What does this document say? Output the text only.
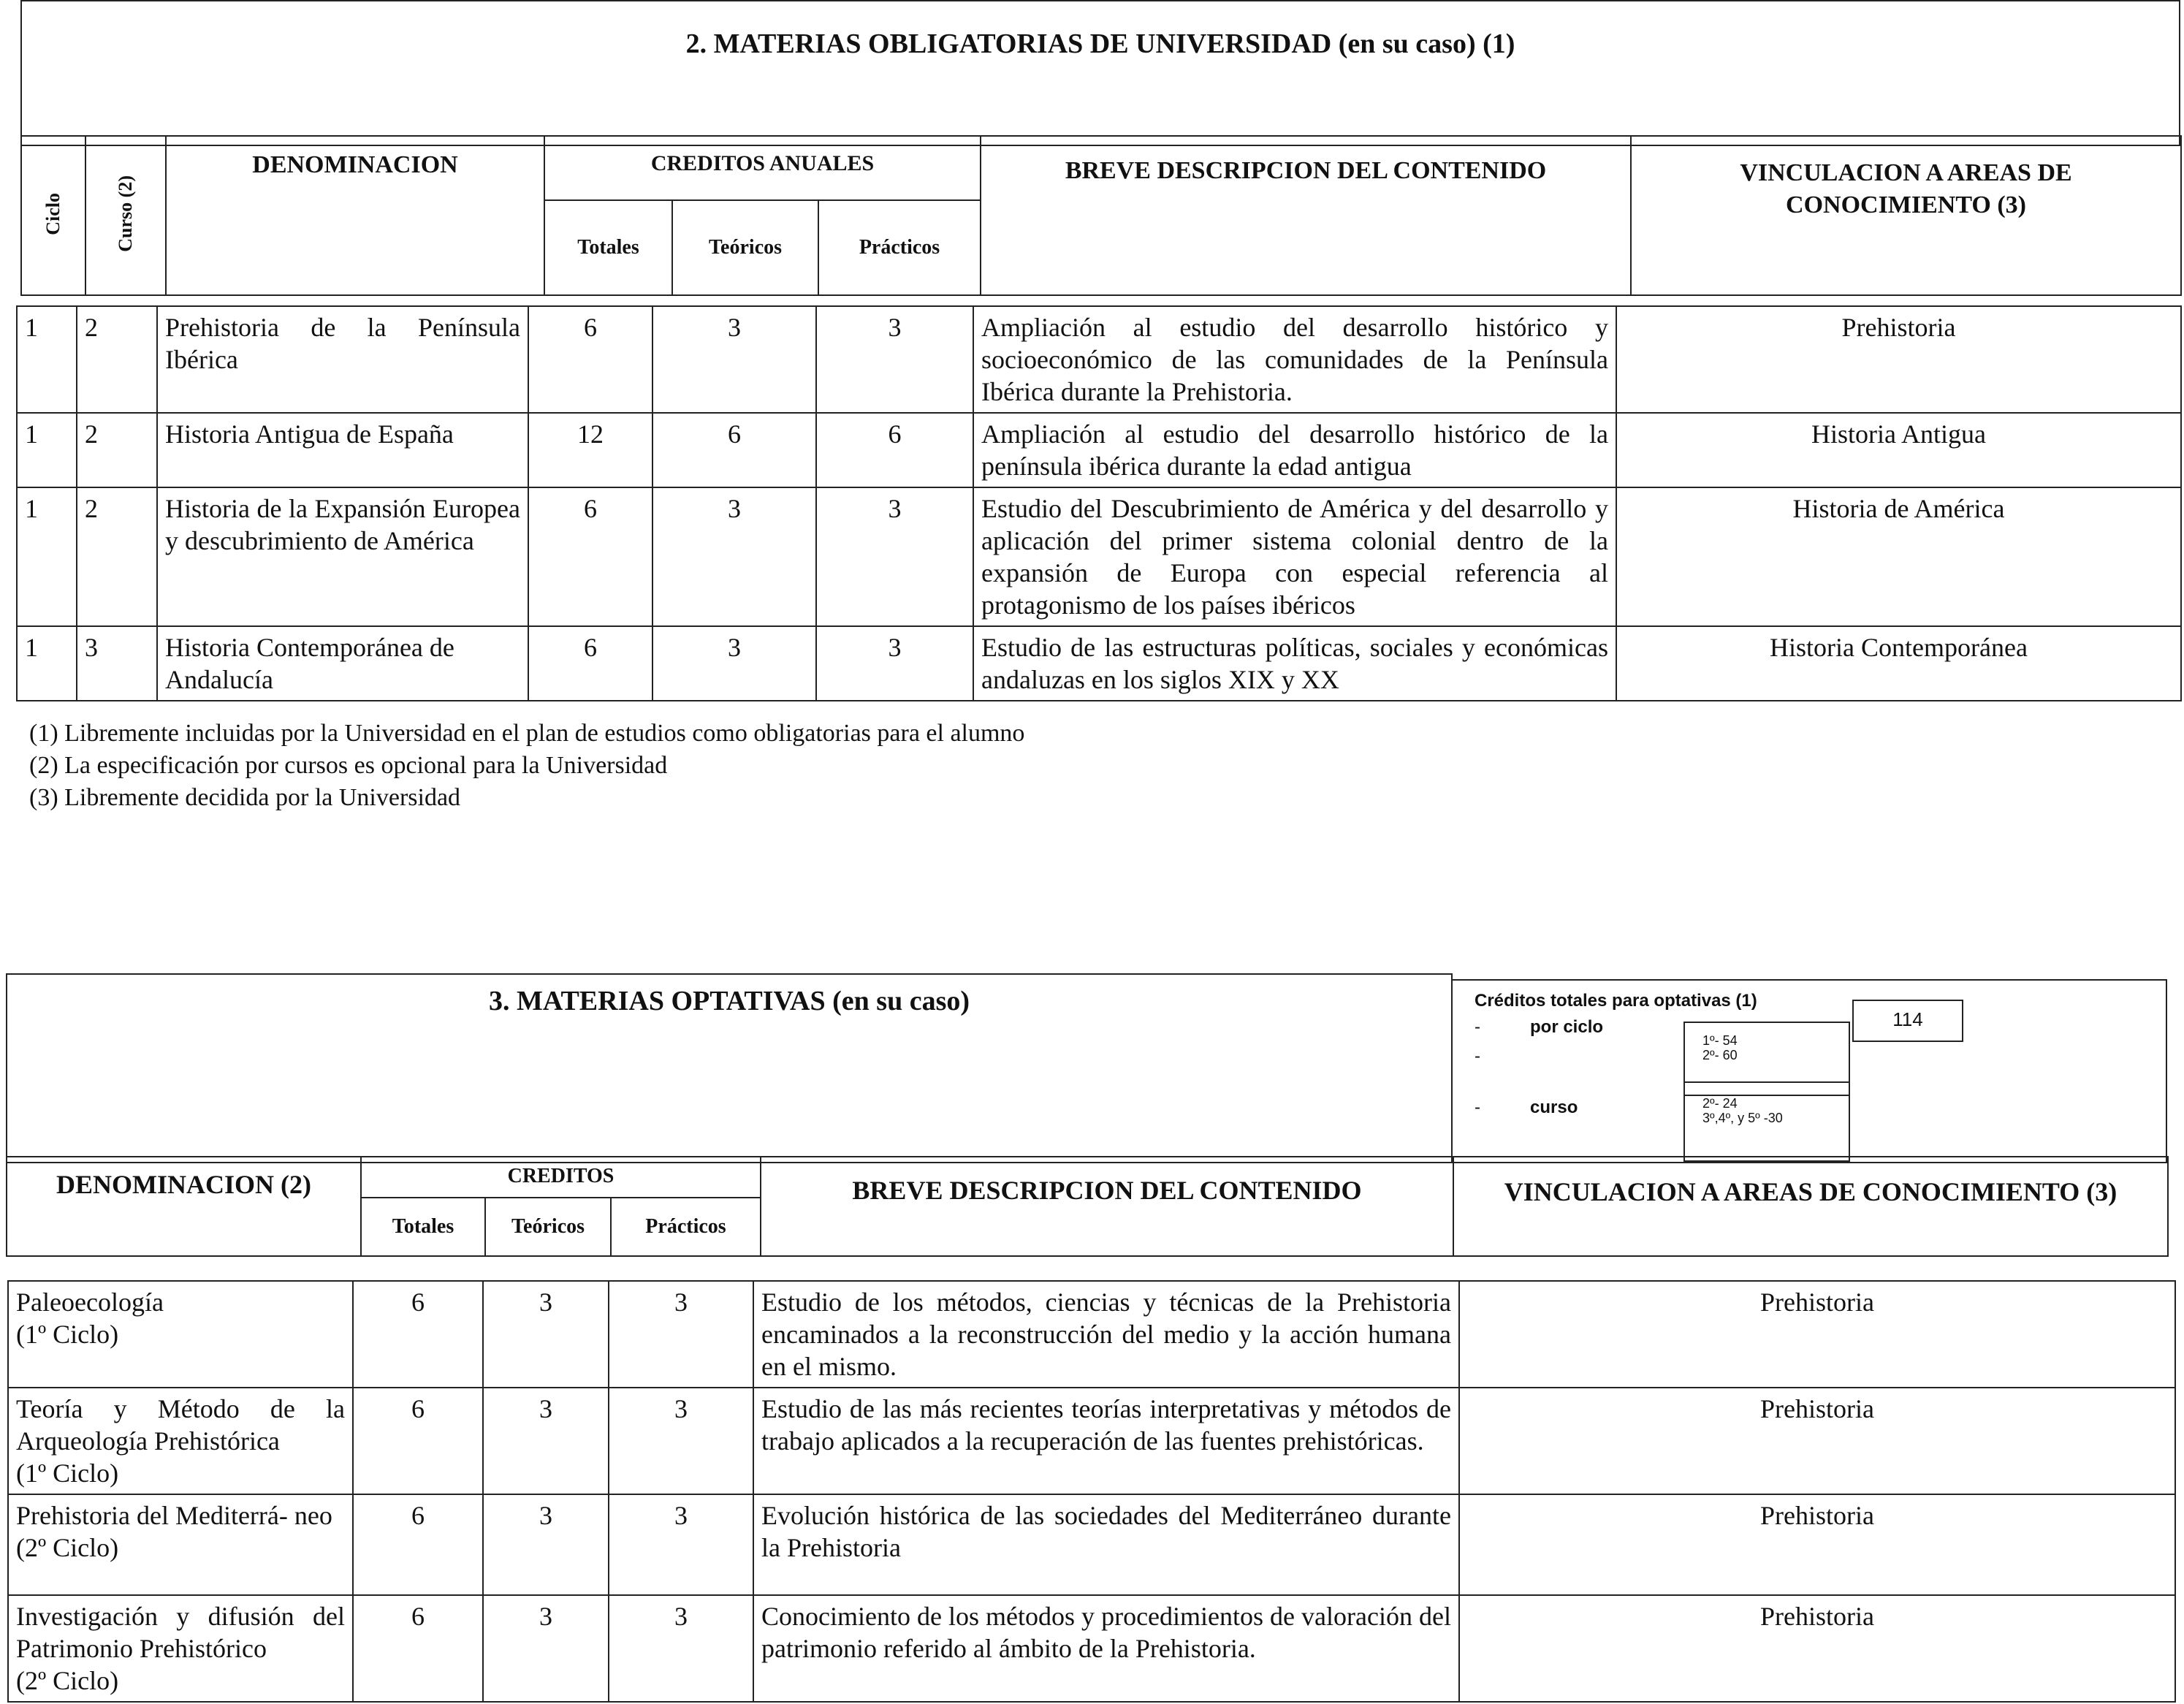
2. MATERIAS OBLIGATORIAS DE UNIVERSIDAD (en su caso) (1)
Ciclo	Curso (2)	DENOMINACION	CREDITOS ANUALES			BREVE DESCRIPCION DEL CONTENIDO	VINCULACION A AREAS DE CONOCIMIENTO (3)
			Totales	Teóricos	Prácticos		
1	2	Prehistoria de la Península Ibérica	6	3	3	Ampliación al estudio del desarrollo histórico y socioeconómico de las comunidades de la Península Ibérica durante la Prehistoria.	Prehistoria
1	2	Historia Antigua de España	12	6	6	Ampliación al estudio del desarrollo histórico de la península ibérica durante la edad antigua	Historia Antigua
1	2	Historia de la Expansión Europea y descubrimiento de América	6	3	3	Estudio del Descubrimiento de América y del desarrollo y aplicación del primer sistema colonial dentro de la expansión de Europa con especial referencia al protagonismo de los países ibéricos	Historia de América
1	3	Historia Contemporánea de Andalucía	6	3	3	Estudio de las estructuras políticas, sociales y económicas andaluzas en los siglos XIX y XX	Historia Contemporánea
(1) Libremente incluidas por la Universidad en el plan de estudios como obligatorias para el alumno
(2) La especificación por cursos es opcional para la Universidad
(3) Libremente decidida por la Universidad
3. MATERIAS OPTATIVAS (en su caso)	Créditos totales para optativas (1)
114
-	por ciclo
-
1º- 54
2º- 60
-	curso	2º- 24
3º,4º, y 5º -30
DENOMINACION (2)	CREDITOS			BREVE DESCRIPCION DEL CONTENIDO	VINCULACION A AREAS DE CONOCIMIENTO (3)
	Totales	Teóricos	Prácticos		
Paleoecología
(1º Ciclo)	6	3	3	Estudio de los métodos, ciencias y técnicas de la Prehistoria encaminados a la reconstrucción del medio y la acción humana en el mismo.	Prehistoria
Teoría y Método de la Arqueología Prehistórica
(1º Ciclo)	6	3	3	Estudio de las más recientes teorías interpretativas y métodos de trabajo aplicados a la recuperación de las fuentes prehistóricas.	Prehistoria
Prehistoria del Mediterrá- neo
(2º Ciclo)	6	3	3	Evolución histórica de las sociedades del Mediterráneo durante la Prehistoria	Prehistoria
Investigación y difusión del Patrimonio Prehistórico
(2º Ciclo)	6	3	3	Conocimiento de los métodos y procedimientos de valoración del patrimonio referido al ámbito de la Prehistoria.	Prehistoria
